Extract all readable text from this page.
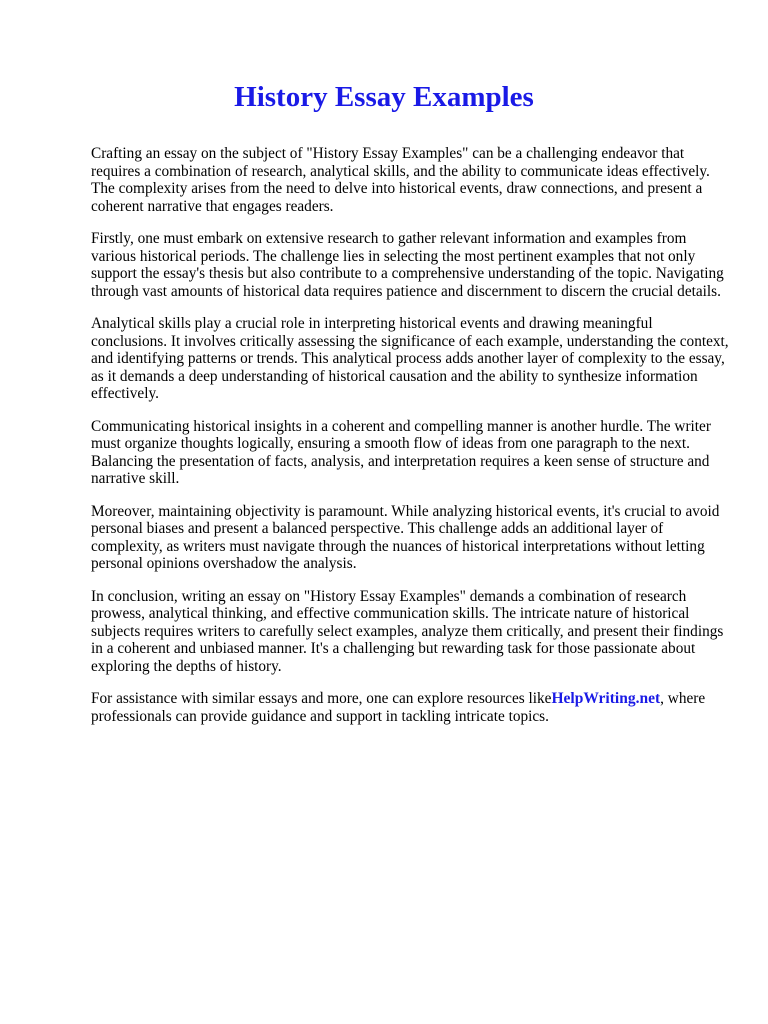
History Essay Examples

Crafting an essay on the subject of "History Essay Examples" can be a challenging endeavor that requires a combination of research, analytical skills, and the ability to communicate ideas effectively. The complexity arises from the need to delve into historical events, draw connections, and present a coherent narrative that engages readers.

Firstly, one must embark on extensive research to gather relevant information and examples from various historical periods. The challenge lies in selecting the most pertinent examples that not only support the essay's thesis but also contribute to a comprehensive understanding of the topic. Navigating through vast amounts of historical data requires patience and discernment to discern the crucial details.

Analytical skills play a crucial role in interpreting historical events and drawing meaningful conclusions. It involves critically assessing the significance of each example, understanding the context, and identifying patterns or trends. This analytical process adds another layer of complexity to the essay, as it demands a deep understanding of historical causation and the ability to synthesize information effectively.

Communicating historical insights in a coherent and compelling manner is another hurdle. The writer must organize thoughts logically, ensuring a smooth flow of ideas from one paragraph to the next. Balancing the presentation of facts, analysis, and interpretation requires a keen sense of structure and narrative skill.

Moreover, maintaining objectivity is paramount. While analyzing historical events, it's crucial to avoid personal biases and present a balanced perspective. This challenge adds an additional layer of complexity, as writers must navigate through the nuances of historical interpretations without letting personal opinions overshadow the analysis.

In conclusion, writing an essay on "History Essay Examples" demands a combination of research prowess, analytical thinking, and effective communication skills. The intricate nature of historical subjects requires writers to carefully select examples, analyze them critically, and present their findings in a coherent and unbiased manner. It's a challenging but rewarding task for those passionate about exploring the depths of history.

For assistance with similar essays and more, one can explore resources likeHelpWriting.net, where professionals can provide guidance and support in tackling intricate topics.
